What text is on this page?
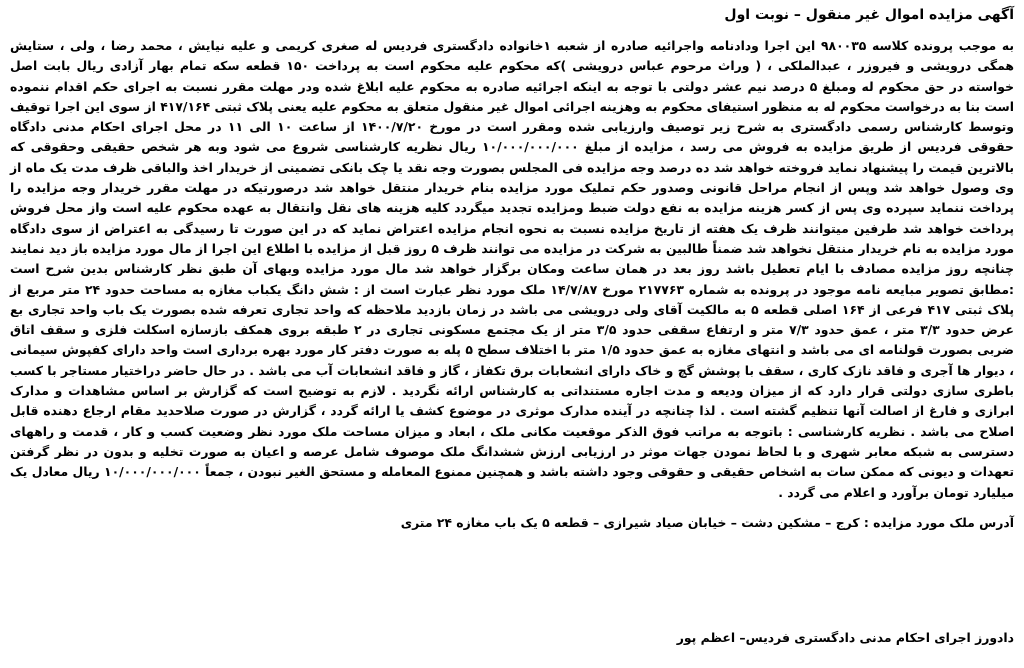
آگهی مزایده اموال غیر منقول – نوبت اول

به موجب پرونده کلاسه ۹۸۰۰۳۵ این اجرا ودادنامه واجرائیه صادره از شعبه ۱خانواده دادگستری فردیس له صغری کریمی و علیه نیایش ، محمد رضا ، ولی ، ستایش همگی درویشی و فیروزر ، عبدالملکی ، ( وراث مرحوم عباس درویشی )که محکوم علیه محکوم است به پرداخت ۱۵۰ قطعه سکه تمام بهار آزادی ریال بابت اصل خواسته در حق محکوم له ومبلغ ۵ درصد نیم عشر دولتی با توجه به اینکه اجرائیه صادره به محکوم علیه ابلاغ شده ودر مهلت مقرر نسبت به اجرای حکم اقدام ننموده است بنا به درخواست محکوم له به منظور استیفای محکوم به وهزینه اجرائی اموال غیر منقول متعلق به محکوم علیه یعنی پلاک ثبتی ۴۱۷/۱۶۴ از سوی این اجرا توقیف وتوسط کارشناس رسمی دادگستری به شرح زیر توصیف وارزیابی شده ومقرر است در مورخ ۱۴۰۰/۷/۲۰ از ساعت ۱۰ الی ۱۱ در محل اجرای احکام مدنی دادگاه حقوقی فردیس از طریق مزایده به فروش می رسد ، مزایده از مبلغ ۱۰/۰۰۰/۰۰۰/۰۰۰ ریال نظریه کارشناسی شروع می شود وبه هر شخص حقیقی وحقوقی که بالاترین قیمت را پیشنهاد نماید فروخته خواهد شد ده درصد وجه مزایده فی المجلس بصورت وجه نقد یا چک بانکی تضمینی از خریدار اخذ والباقی ظرف مدت یک ماه از وی وصول خواهد شد وپس از انجام مراحل قانونی وصدور حکم تملیک مورد مزایده بنام خریدار منتقل خواهد شد درصورتیکه در مهلت مقرر خریدار وجه مزایده را پرداخت ننماید سپرده وی پس از کسر هزینه مزایده به نفع دولت ضبط ومزایده تجدید میگردد کلیه هزینه های نقل وانتقال به عهده محکوم علیه است واز محل فروش پرداخت خواهد شد طرفین میتوانند ظرف یک هفته از تاریخ مزایده نسبت به نحوه انجام مزایده اعتراض نماید که در این صورت تا رسیدگی به اعتراض از سوی دادگاه مورد مزایده به نام خریدار منتقل نخواهد شد ضمناً طالبین به شرکت در مزایده می توانند ظرف ۵ روز قبل از مزایده با اطلاع این اجرا از مال مورد مزایده باز دید نمایند چنانچه روز مزایده مصادف با ایام تعطیل باشد روز بعد در همان ساعت ومکان برگزار خواهد شد مال مورد مزایده وبهای آن طبق نظر کارشناس بدین شرح است :مطابق تصویر مبایعه نامه موجود در پرونده به شماره ۲۱۷۷۶۳ مورخ ۱۴/۷/۸۷ ملک مورد نظر عبارت است از : شش دانگ یکباب مغازه به مساحت حدود ۲۴ متر مربع از پلاک ثبتی ۴۱۷ فرعی از ۱۶۴ اصلی قطعه ۵ به مالکیت آقای ولی درویشی می باشد در زمان بازدید ملاحظه که واحد تجاری تعرفه شده بصورت یک باب واحد تجاری بع عرض حدود ۳/۳ متر ، عمق حدود ۷/۳ متر و ارتفاع سقفی حدود ۳/۵ متر از یک مجتمع مسکونی تجاری در ۲ طبقه بروی همکف بازسازه اسکلت فلزی و سقف اتاق ضربی بصورت قولنامه ای می باشد و انتهای مغازه به عمق حدود ۱/۵ متر با اختلاف سطح ۵ پله به صورت دفتر کار مورد بهره برداری است واحد دارای کفپوش سیمانی ، دیوار ها آجری و فاقد نازک کاری ، سقف با پوشش گچ و خاک دارای انشعابات برق تکفاز ، گاز و فاقد انشعابات آب می باشد . در حال حاضر دراختیار مستاجر با کسب باطری سازی دولتی قرار دارد که از میزان ودیعه و مدت اجاره مستنداتی به کارشناس ارائه نگردید . لازم به توضیح است که گزارش بر اساس مشاهدات و مدارک ابرازی و فارغ از اصالت آنها تنظیم گشته است . لذا چنانچه در آینده مدارک موثری در موضوع کشف یا ارائه گردد ، گزارش در صورت صلاحدید مقام ارجاع دهنده قابل اصلاح می باشد . نظریه کارشناسی : باتوجه به مراتب فوق الذکر موقعیت مکانی ملک ، ابعاد و میزان مساحت ملک مورد نظر وضعیت کسب و کار ، قدمت و راههای دسترسی به شبکه معابر شهری و با لحاظ نمودن جهات موثر در ارزیابی ارزش ششدانگ ملک موصوف شامل عرصه و اعیان به صورت تخلیه و بدون در نظر گرفتن تعهدات و دیونی که ممکن سات به اشخاص حقیقی و حقوقی وجود داشته باشد و همچنین ممنوع المعامله و مستحق الغیر نبودن ، جمعاً ۱۰/۰۰۰/۰۰۰/۰۰۰ ریال معادل یک میلیارد تومان برآورد و اعلام می گردد .

آدرس ملک مورد مزایده : کرج – مشکین دشت – خیابان صیاد شیرازی – قطعه ۵ یک باب مغازه ۲۴ متری
دادورز اجرای احکام مدنی دادگستری فردیس– اعظم پور
